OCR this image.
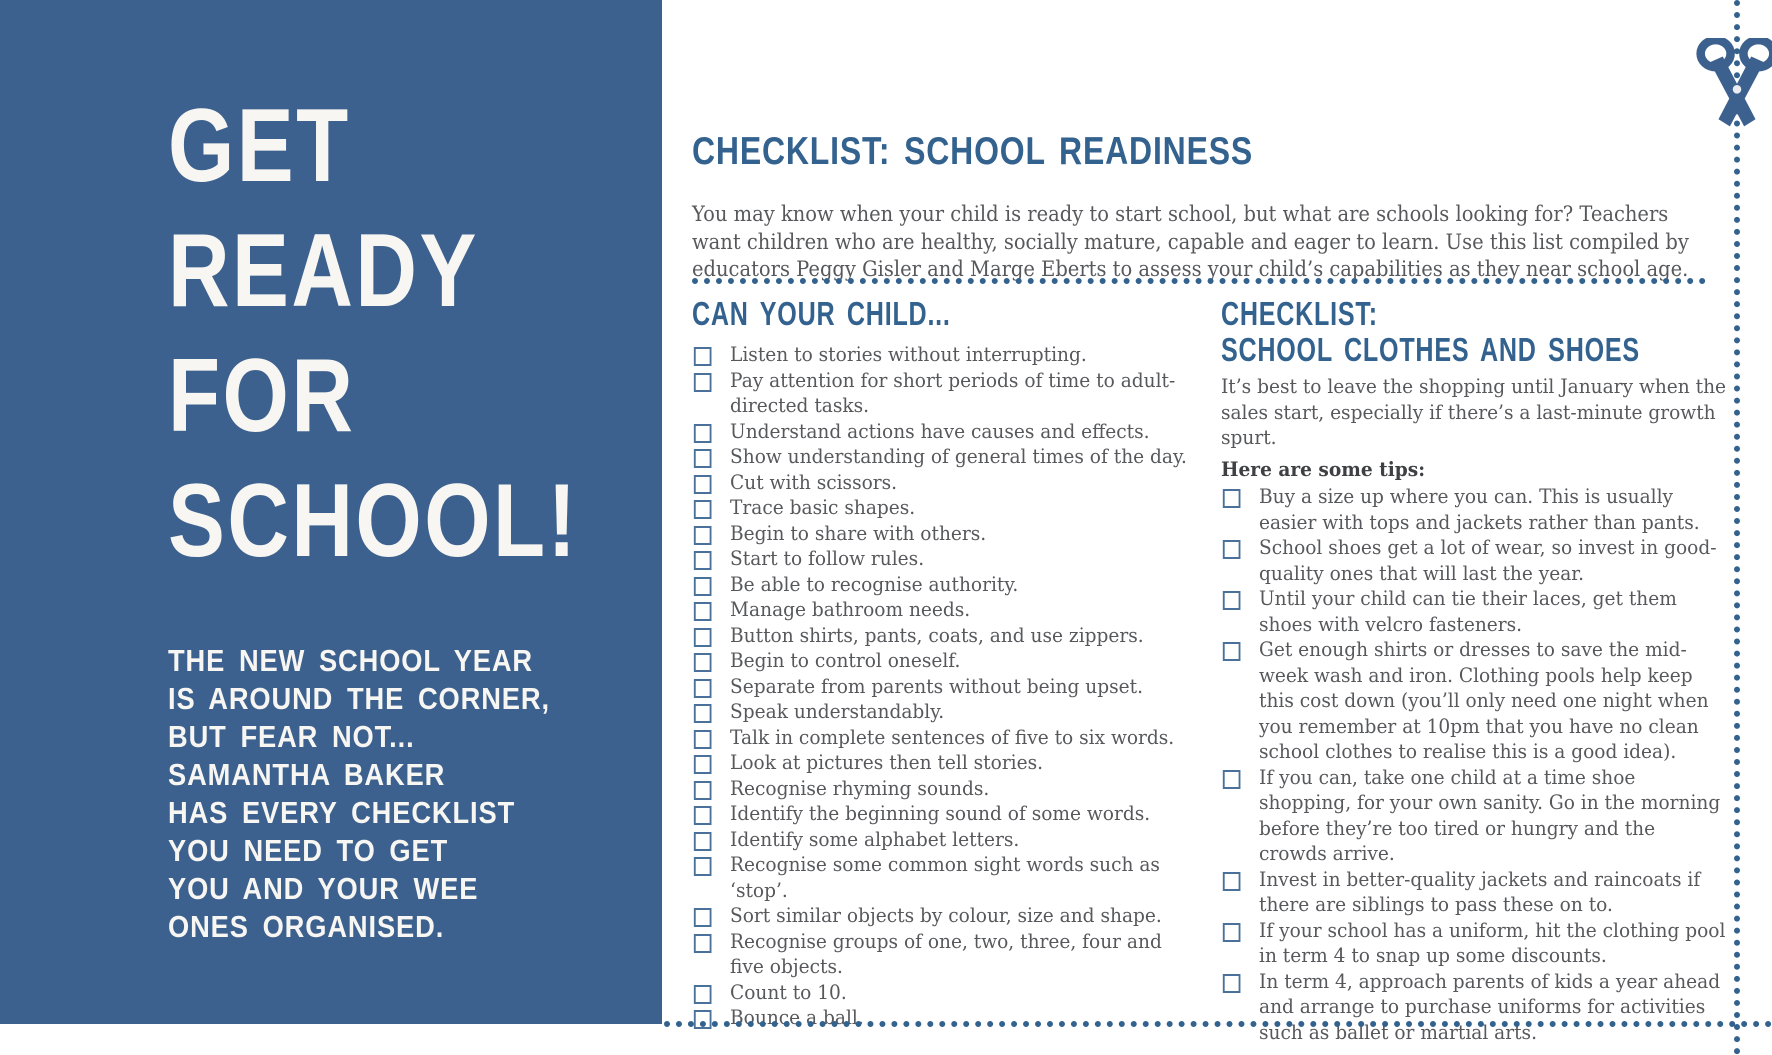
GET
READY
FOR
SCHOOL!
THE NEW SCHOOL YEAR
IS AROUND THE CORNER,
BUT FEAR NOT...
SAMANTHA BAKER
HAS EVERY CHECKLIST
YOU NEED TO GET
YOU AND YOUR WEE
ONES ORGANISED.
CHECKLIST: SCHOOL READINESS

You may know when your child is ready to start school, but what are schools looking for? Teachers want children who are healthy, socially mature, capable and eager to learn. Use this list compiled by educators Peggy Gisler and Marge Eberts to assess your child’s capabilities as they near school age.

CAN YOUR CHILD...
Listen to stories without interrupting.
Pay attention for short periods of time to adult-directed tasks.
Understand actions have causes and effects.
Show understanding of general times of the day.
Cut with scissors.
Trace basic shapes.
Begin to share with others.
Start to follow rules.
Be able to recognise authority.
Manage bathroom needs.
Button shirts, pants, coats, and use zippers.
Begin to control oneself.
Separate from parents without being upset.
Speak understandably.
Talk in complete sentences of five to six words.
Look at pictures then tell stories.
Recognise rhyming sounds.
Identify the beginning sound of some words.
Identify some alphabet letters.
Recognise some common sight words such as ‘stop’.
Sort similar objects by colour, size and shape.
Recognise groups of one, two, three, four and five objects.
Count to 10.
Bounce a ball.
CHECKLIST:
SCHOOL CLOTHES AND SHOES

It’s best to leave the shopping until January when the sales start, especially if there’s a last-minute growth spurt.

Here are some tips:

Buy a size up where you can. This is usually easier with tops and jackets rather than pants.
School shoes get a lot of wear, so invest in good-quality ones that will last the year.
Until your child can tie their laces, get them shoes with velcro fasteners.
Get enough shirts or dresses to save the mid-week wash and iron. Clothing pools help keep this cost down (you’ll only need one night when you remember at 10pm that you have no clean school clothes to realise this is a good idea).
If you can, take one child at a time shoe shopping, for your own sanity. Go in the morning before they’re too tired or hungry and the crowds arrive.
Invest in better-quality jackets and raincoats if there are siblings to pass these on to.
If your school has a uniform, hit the clothing pool in term 4 to snap up some discounts.
In term 4, approach parents of kids a year ahead and arrange to purchase uniforms for activities such as ballet or martial arts.
